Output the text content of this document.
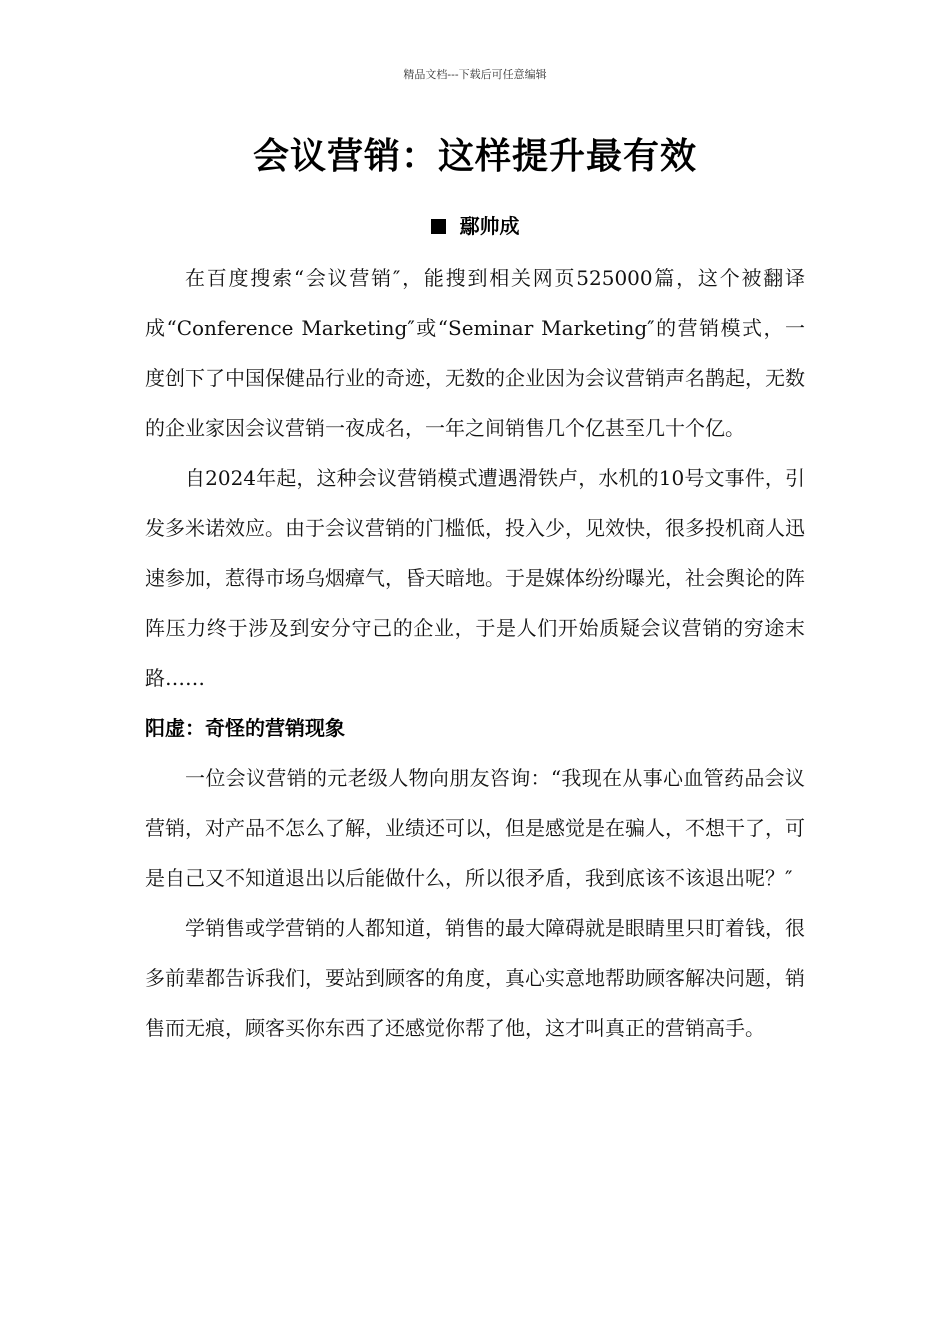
精品文档---下载后可任意编辑
会议营销：这样提升最有效
鄢帅成

在百度搜索“会议营销″，能搜到相关网页525000篇，这个被翻译成“Conference Marketing″或“Seminar Marketing″的营销模式，一度创下了中国保健品行业的奇迹，无数的企业因为会议营销声名鹊起，无数的企业家因会议营销一夜成名，一年之间销售几个亿甚至几十个亿。

自2024年起，这种会议营销模式遭遇滑铁卢，水机的10号文事件，引发多米诺效应。由于会议营销的门槛低，投入少，见效快，很多投机商人迅速参加，惹得市场乌烟瘴气，昏天暗地。于是媒体纷纷曝光，社会舆论的阵阵压力终于涉及到安分守己的企业，于是人们开始质疑会议营销的穷途末路……

阳虚：奇怪的营销现象

一位会议营销的元老级人物向朋友咨询：“我现在从事心血管药品会议营销，对产品不怎么了解，业绩还可以，但是感觉是在骗人，不想干了，可是自己又不知道退出以后能做什么，所以很矛盾，我到底该不该退出呢？″

学销售或学营销的人都知道，销售的最大障碍就是眼睛里只盯着钱，很多前辈都告诉我们，要站到顾客的角度，真心实意地帮助顾客解决问题，销售而无痕，顾客买你东西了还感觉你帮了他，这才叫真正的营销高手。
